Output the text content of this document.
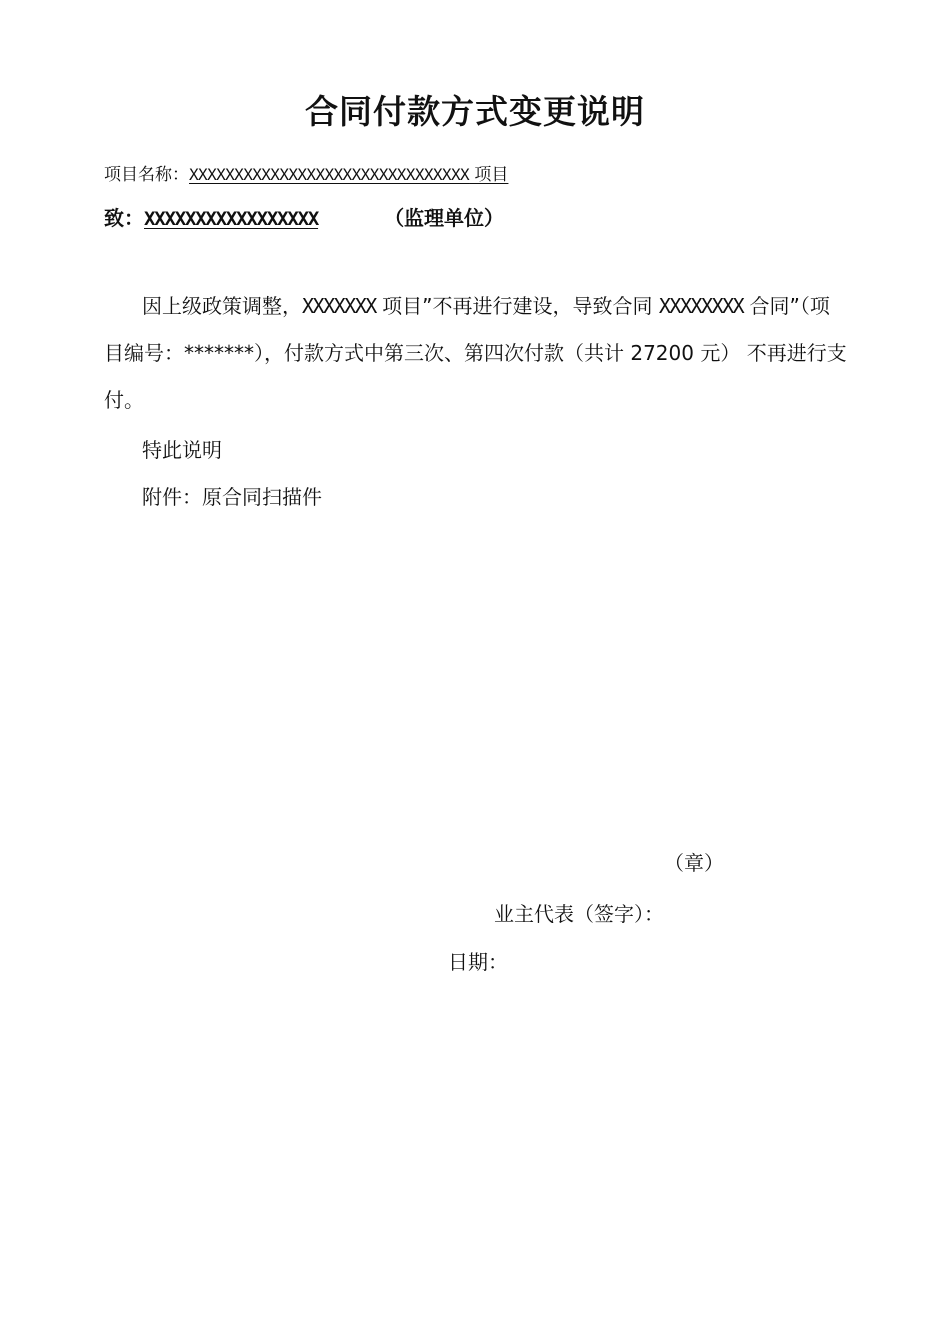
合同付款方式变更说明
项目名称：XXXXXXXXXXXXXXXXXXXXXXXXXXXXXXX 项目
致：XXXXXXXXXXXXXXXXX	（监理单位）

因上级政策调整，XXXXXXX 项目”不再进行建设，导致合同 XXXXXXXX 合同”（项目编号：*******），付款方式中第三次、第四次付款（共计 27200 元） 不再进行支付。

特此说明
附件：原合同扫描件
（章）
业主代表（签字）：
日期：
